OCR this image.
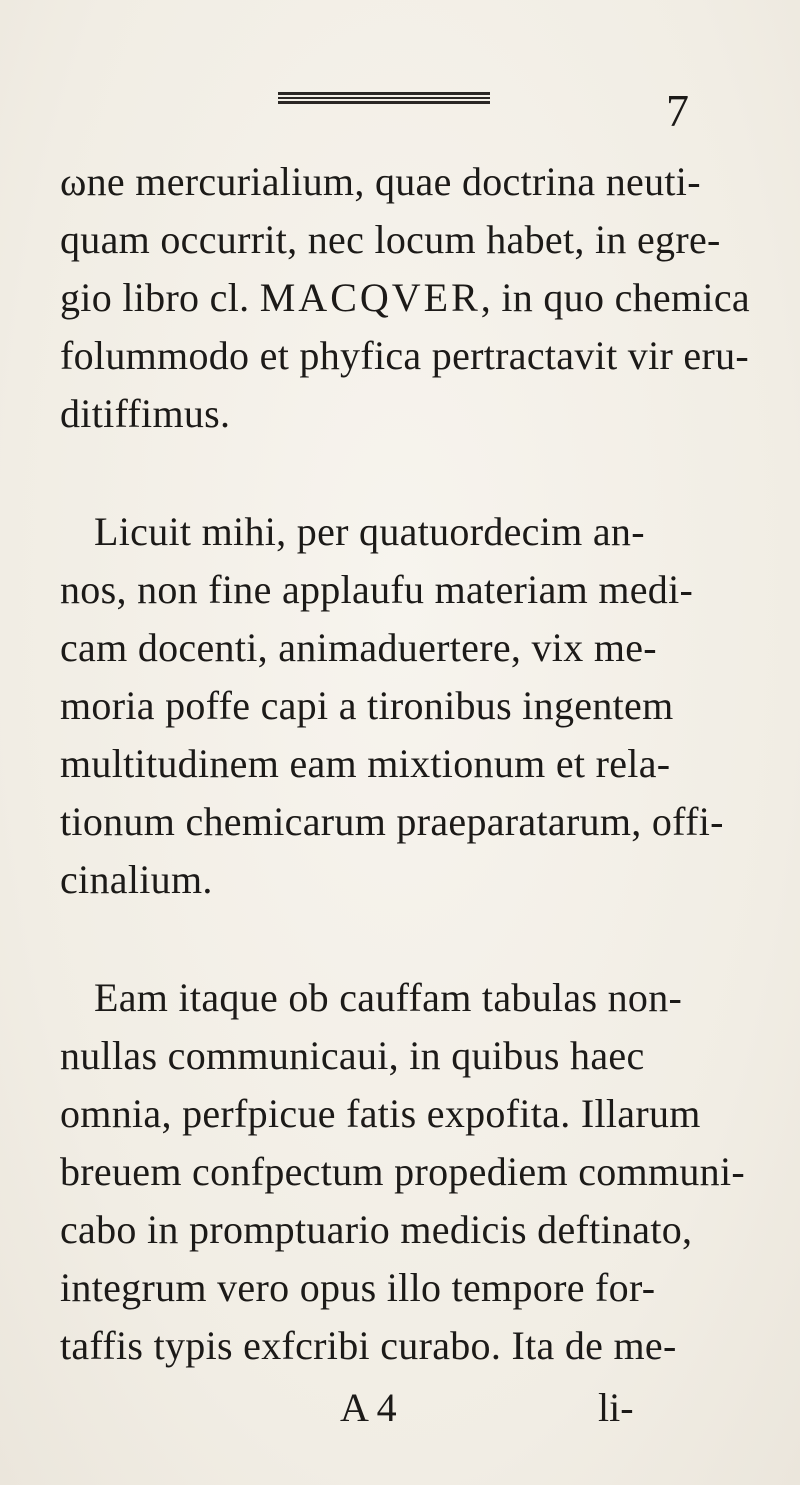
7
ωne mercurialium, quae doctrina neuti-
quam occurrit, nec locum habet, in egre-
gio libro cl. MACQVER, in quo chemica
folummodo et phyfica pertractavit vir eru-
ditiffimus.
Licuit mihi, per quatuordecim an-
nos, non fine applaufu materiam medi-
cam docenti, animaduertere, vix me-
moria poffe capi a tironibus ingentem
multitudinem eam mixtionum et rela-
tionum chemicarum praeparatarum, offi-
cinalium.
Eam itaque ob cauffam tabulas non-
nullas communicaui, in quibus haec
omnia, perfpicue fatis expofita. Illarum
breuem confpectum propediem communi-
cabo in promptuario medicis deftinato,
integrum vero opus illo tempore for-
taffis typis exfcribi curabo. Ita de me-
A 4	li-
